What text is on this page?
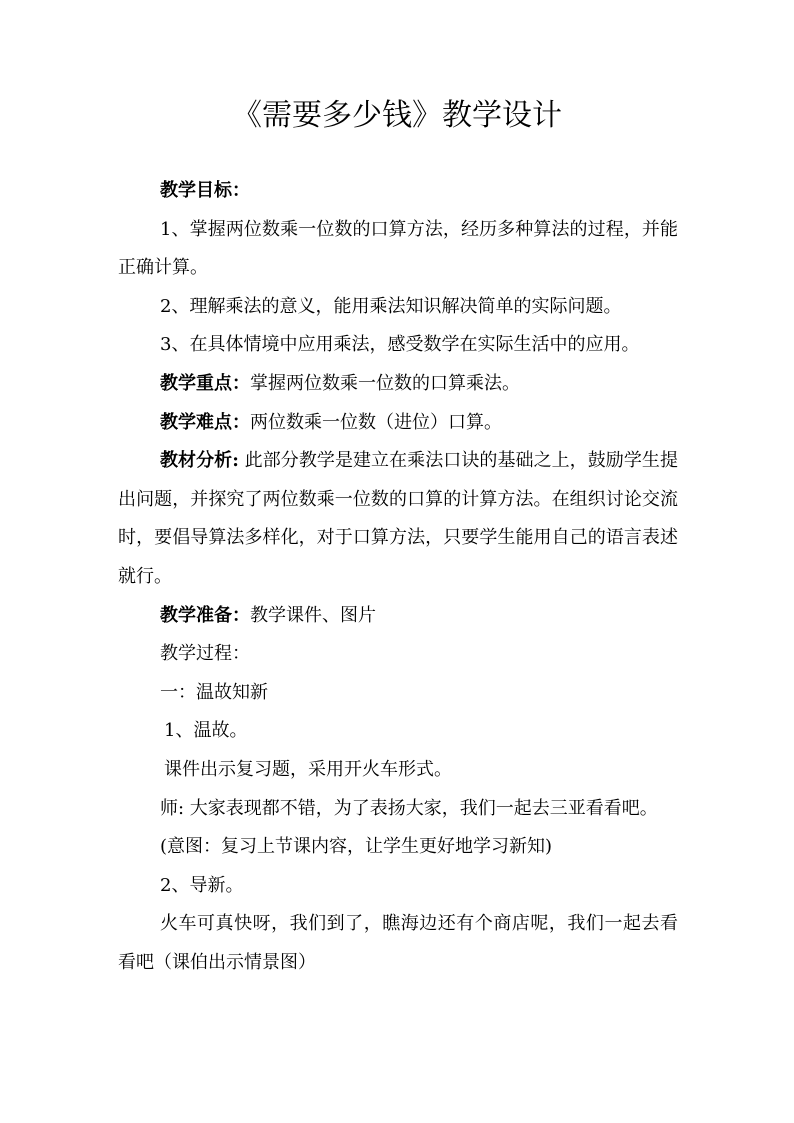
《需要多少钱》教学设计

教学目标：

1、掌握两位数乘一位数的口算方法，经历多种算法的过程，并能正确计算。

2、理解乘法的意义，能用乘法知识解决简单的实际问题。

3、在具体情境中应用乘法，感受数学在实际生活中的应用。

教学重点：掌握两位数乘一位数的口算乘法。

教学难点：两位数乘一位数（进位）口算。

教材分析: 此部分教学是建立在乘法口诀的基础之上，鼓励学生提出问题，并探究了两位数乘一位数的口算的计算方法。在组织讨论交流时，要倡导算法多样化，对于口算方法，只要学生能用自己的语言表述就行。

教学准备：教学课件、图片

教学过程：

一：温故知新

1、温故。

课件出示复习题，采用开火车形式。

师: 大家表现都不错，为了表扬大家，我们一起去三亚看看吧。

(意图：复习上节课内容，让学生更好地学习新知)

2、导新。

火车可真快呀，我们到了，瞧海边还有个商店呢，我们一起去看看吧（课伯出示情景图）
